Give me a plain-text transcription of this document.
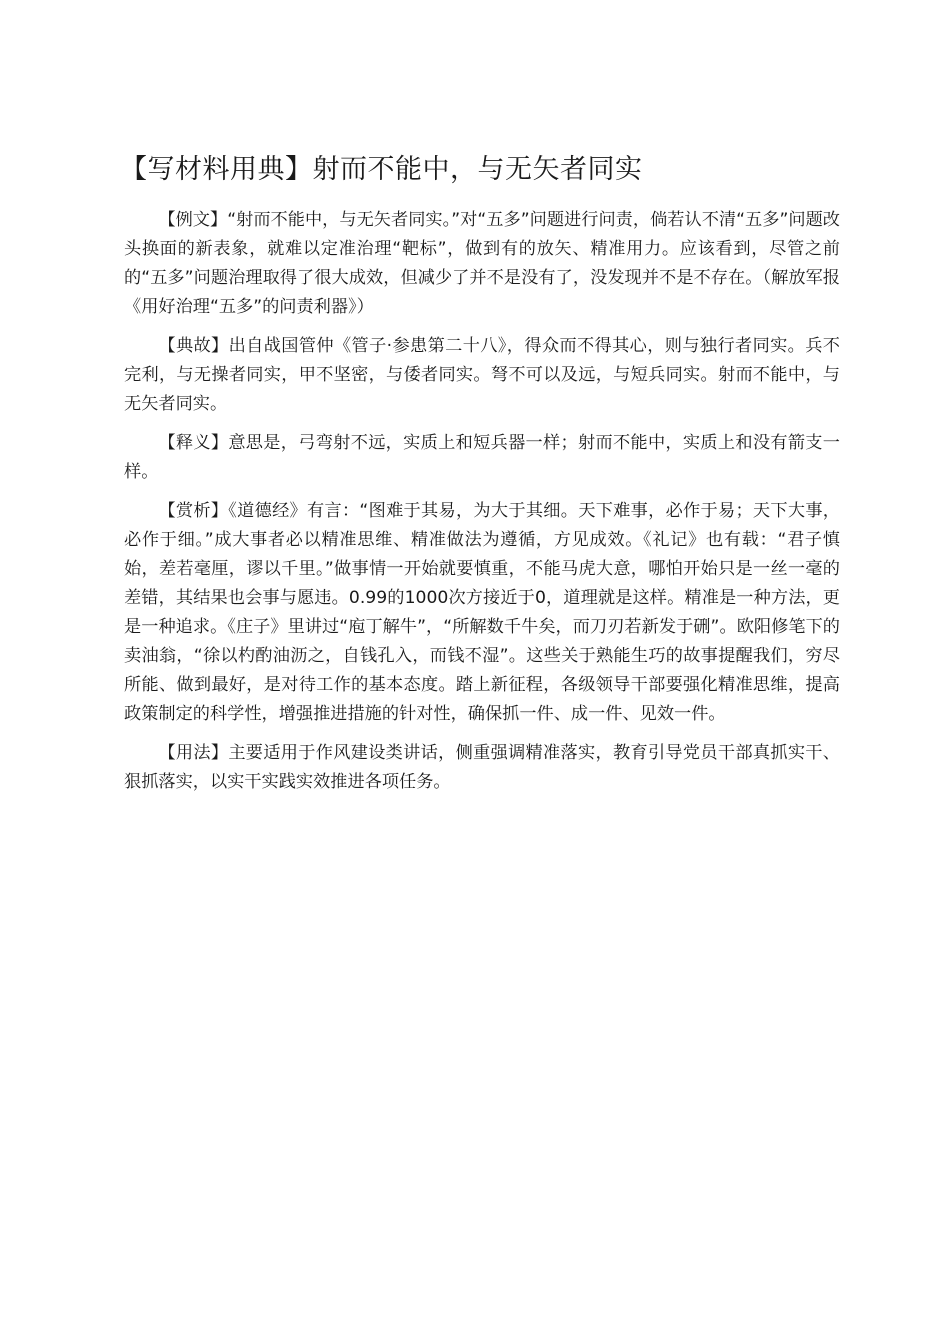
【写材料用典】射而不能中，与无矢者同实

【例文】“射而不能中，与无矢者同实。”对“五多”问题进行问责，倘若认不清“五多”问题改头换面的新表象，就难以定准治理“靶标”，做到有的放矢、精准用力。应该看到，尽管之前的“五多”问题治理取得了很大成效，但减少了并不是没有了，没发现并不是不存在。（解放军报《用好治理“五多”的问责利器》）

【典故】出自战国管仲《管子·参患第二十八》，得众而不得其心，则与独行者同实。兵不完利，与无操者同实，甲不坚密，与倭者同实。弩不可以及远，与短兵同实。射而不能中，与无矢者同实。

【释义】意思是，弓弯射不远，实质上和短兵器一样；射而不能中，实质上和没有箭支一样。

【赏析】《道德经》有言：“图难于其易，为大于其细。天下难事，必作于易；天下大事，必作于细。”成大事者必以精准思维、精准做法为遵循，方见成效。《礼记》也有载：“君子慎始，差若毫厘，谬以千里。”做事情一开始就要慎重，不能马虎大意，哪怕开始只是一丝一毫的差错，其结果也会事与愿违。0.99的1000次方接近于0，道理就是这样。精准是一种方法，更是一种追求。《庄子》里讲过“庖丁解牛”，“所解数千牛矣，而刀刃若新发于硎”。欧阳修笔下的卖油翁，“徐以杓酌油沥之，自钱孔入，而钱不湿”。这些关于熟能生巧的故事提醒我们，穷尽所能、做到最好，是对待工作的基本态度。踏上新征程，各级领导干部要强化精准思维，提高政策制定的科学性，增强推进措施的针对性，确保抓一件、成一件、见效一件。

【用法】主要适用于作风建设类讲话，侧重强调精准落实，教育引导党员干部真抓实干、狠抓落实，以实干实践实效推进各项任务。
